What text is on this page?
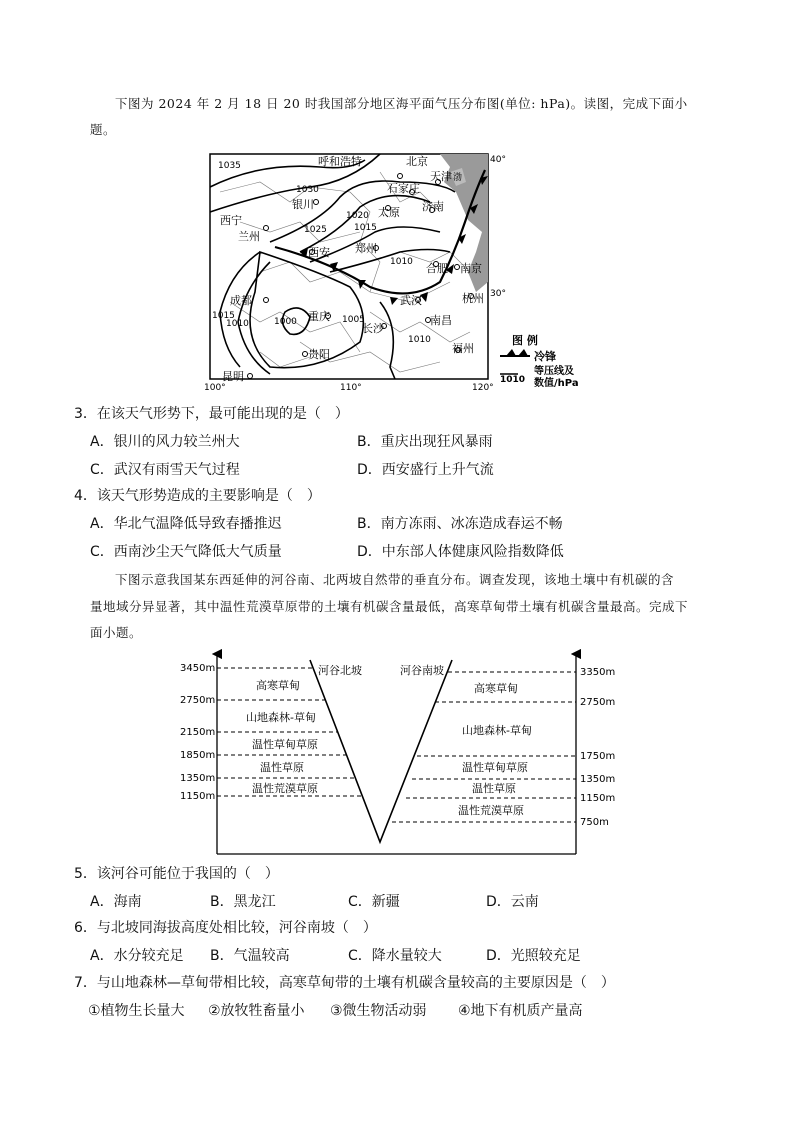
下图为 2024 年 2 月 18 日 20 时我国部分地区海平面气压分布图(单位: hPa)。读图，完成下面小
题。
呼和浩特	北京
天津
石家庄
银川
太原 济南
西宁
兰州
西安 郑州
合肥 南京
成都	武汉	杭州
重庆
长沙
南昌
贵阳	福州
昆明
1035
1030
1025
1020
1015
1010
1005
1000
1015
1010
1010
渤
40°
30°
100°	110°	120°
图 例
冷锋
1010
等压线及
数值/hPa
3．在该天气形势下，最可能出现的是（　）
A．银川的风力较兰州大	B．重庆出现狂风暴雨
C．武汉有雨雪天气过程	D．西安盛行上升气流
4．该天气形势造成的主要影响是（　）
A．华北气温降低导致春播推迟	B．南方冻雨、冰冻造成春运不畅
C．西南沙尘天气降低大气质量	D．中东部人体健康风险指数降低
下图示意我国某东西延伸的河谷南、北两坡自然带的垂直分布。调查发现，该地土壤中有机碳的含
量地域分异显著，其中温性荒漠草原带的土壤有机碳含量最低，高寒草甸带土壤有机碳含量最高。完成下
面小题。
3450m
2750m
2150m
1850m
1350m
1150m
3350m
2750m
1750m
1350m
1150m
750m
河谷北坡	河谷南坡
高寒草甸
山地森林-草甸
温性草甸草原
温性草原
温性荒漠草原
高寒草甸
山地森林-草甸
温性草甸草原
温性草原
温性荒漠草原
5．该河谷可能位于我国的（　）
A．海南	B．黑龙江	C．新疆	D．云南
6．与北坡同海拔高度处相比较，河谷南坡（　）
A．水分较充足 B．气温较高	C．降水量较大	D．光照较充足
7．与山地森林—草甸带相比较，高寒草甸带的土壤有机碳含量较高的主要原因是（　）
①植物生长量大 ②放牧牲畜量小 ③微生物活动弱 ④地下有机质产量高
